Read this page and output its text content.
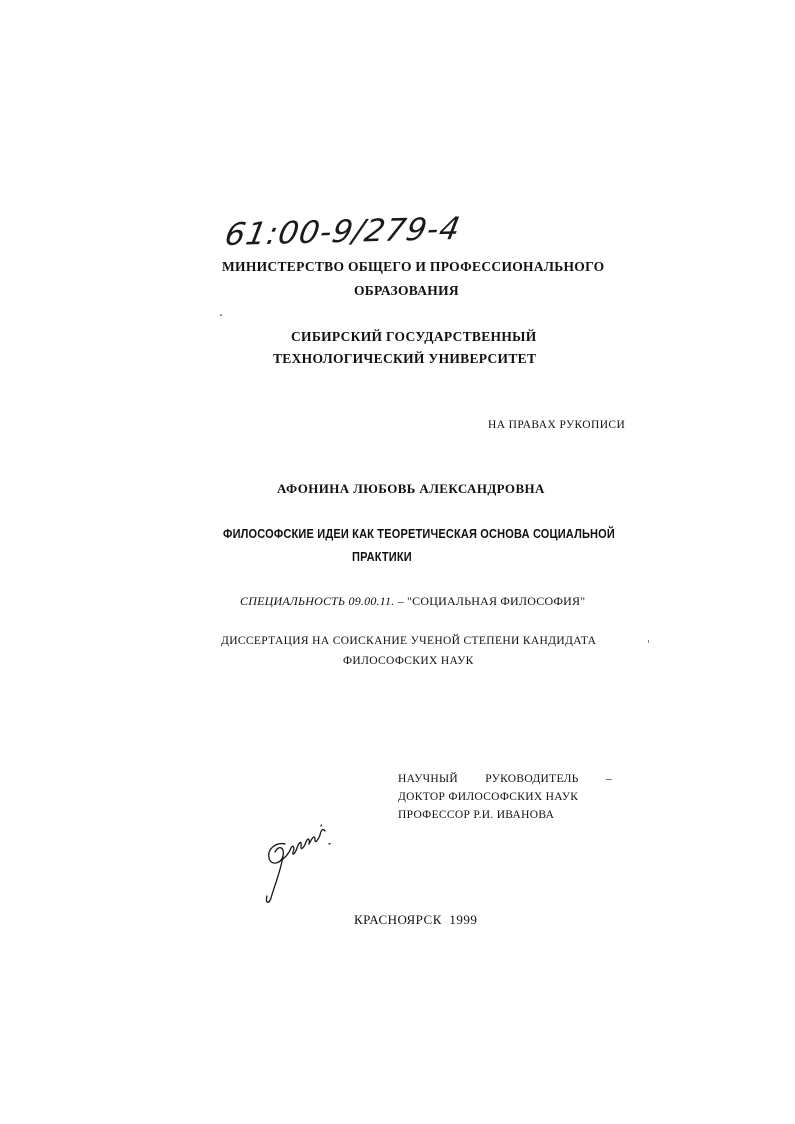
61:00-9/279-4
МИНИСТЕРСТВО ОБЩЕГО И ПРОФЕССИОНАЛЬНОГО
ОБРАЗОВАНИЯ
СИБИРСКИЙ ГОСУДАРСТВЕННЫЙ
ТЕХНОЛОГИЧЕСКИЙ УНИВЕРСИТЕТ
НА ПРАВАХ РУКОПИСИ
АФОНИНА ЛЮБОВЬ АЛЕКСАНДРОВНА
ФИЛОСОФСКИЕ ИДЕИ КАК ТЕОРЕТИЧЕСКАЯ ОСНОВА СОЦИАЛЬНОЙ
ПРАКТИКИ
СПЕЦИАЛЬНОСТЬ 09.00.11. – "СОЦИАЛЬНАЯ ФИЛОСОФИЯ"
ДИССЕРТАЦИЯ НА СОИСКАНИЕ УЧЕНОЙ СТЕПЕНИ КАНДИДАТА
ФИЛОСОФСКИХ НАУК
НАУЧНЫЙ РУКОВОДИТЕЛЬ –
ДОКТОР ФИЛОСОФСКИХ НАУК
ПРОФЕССОР Р.И. ИВАНОВА
КРАСНОЯРСК  1999
